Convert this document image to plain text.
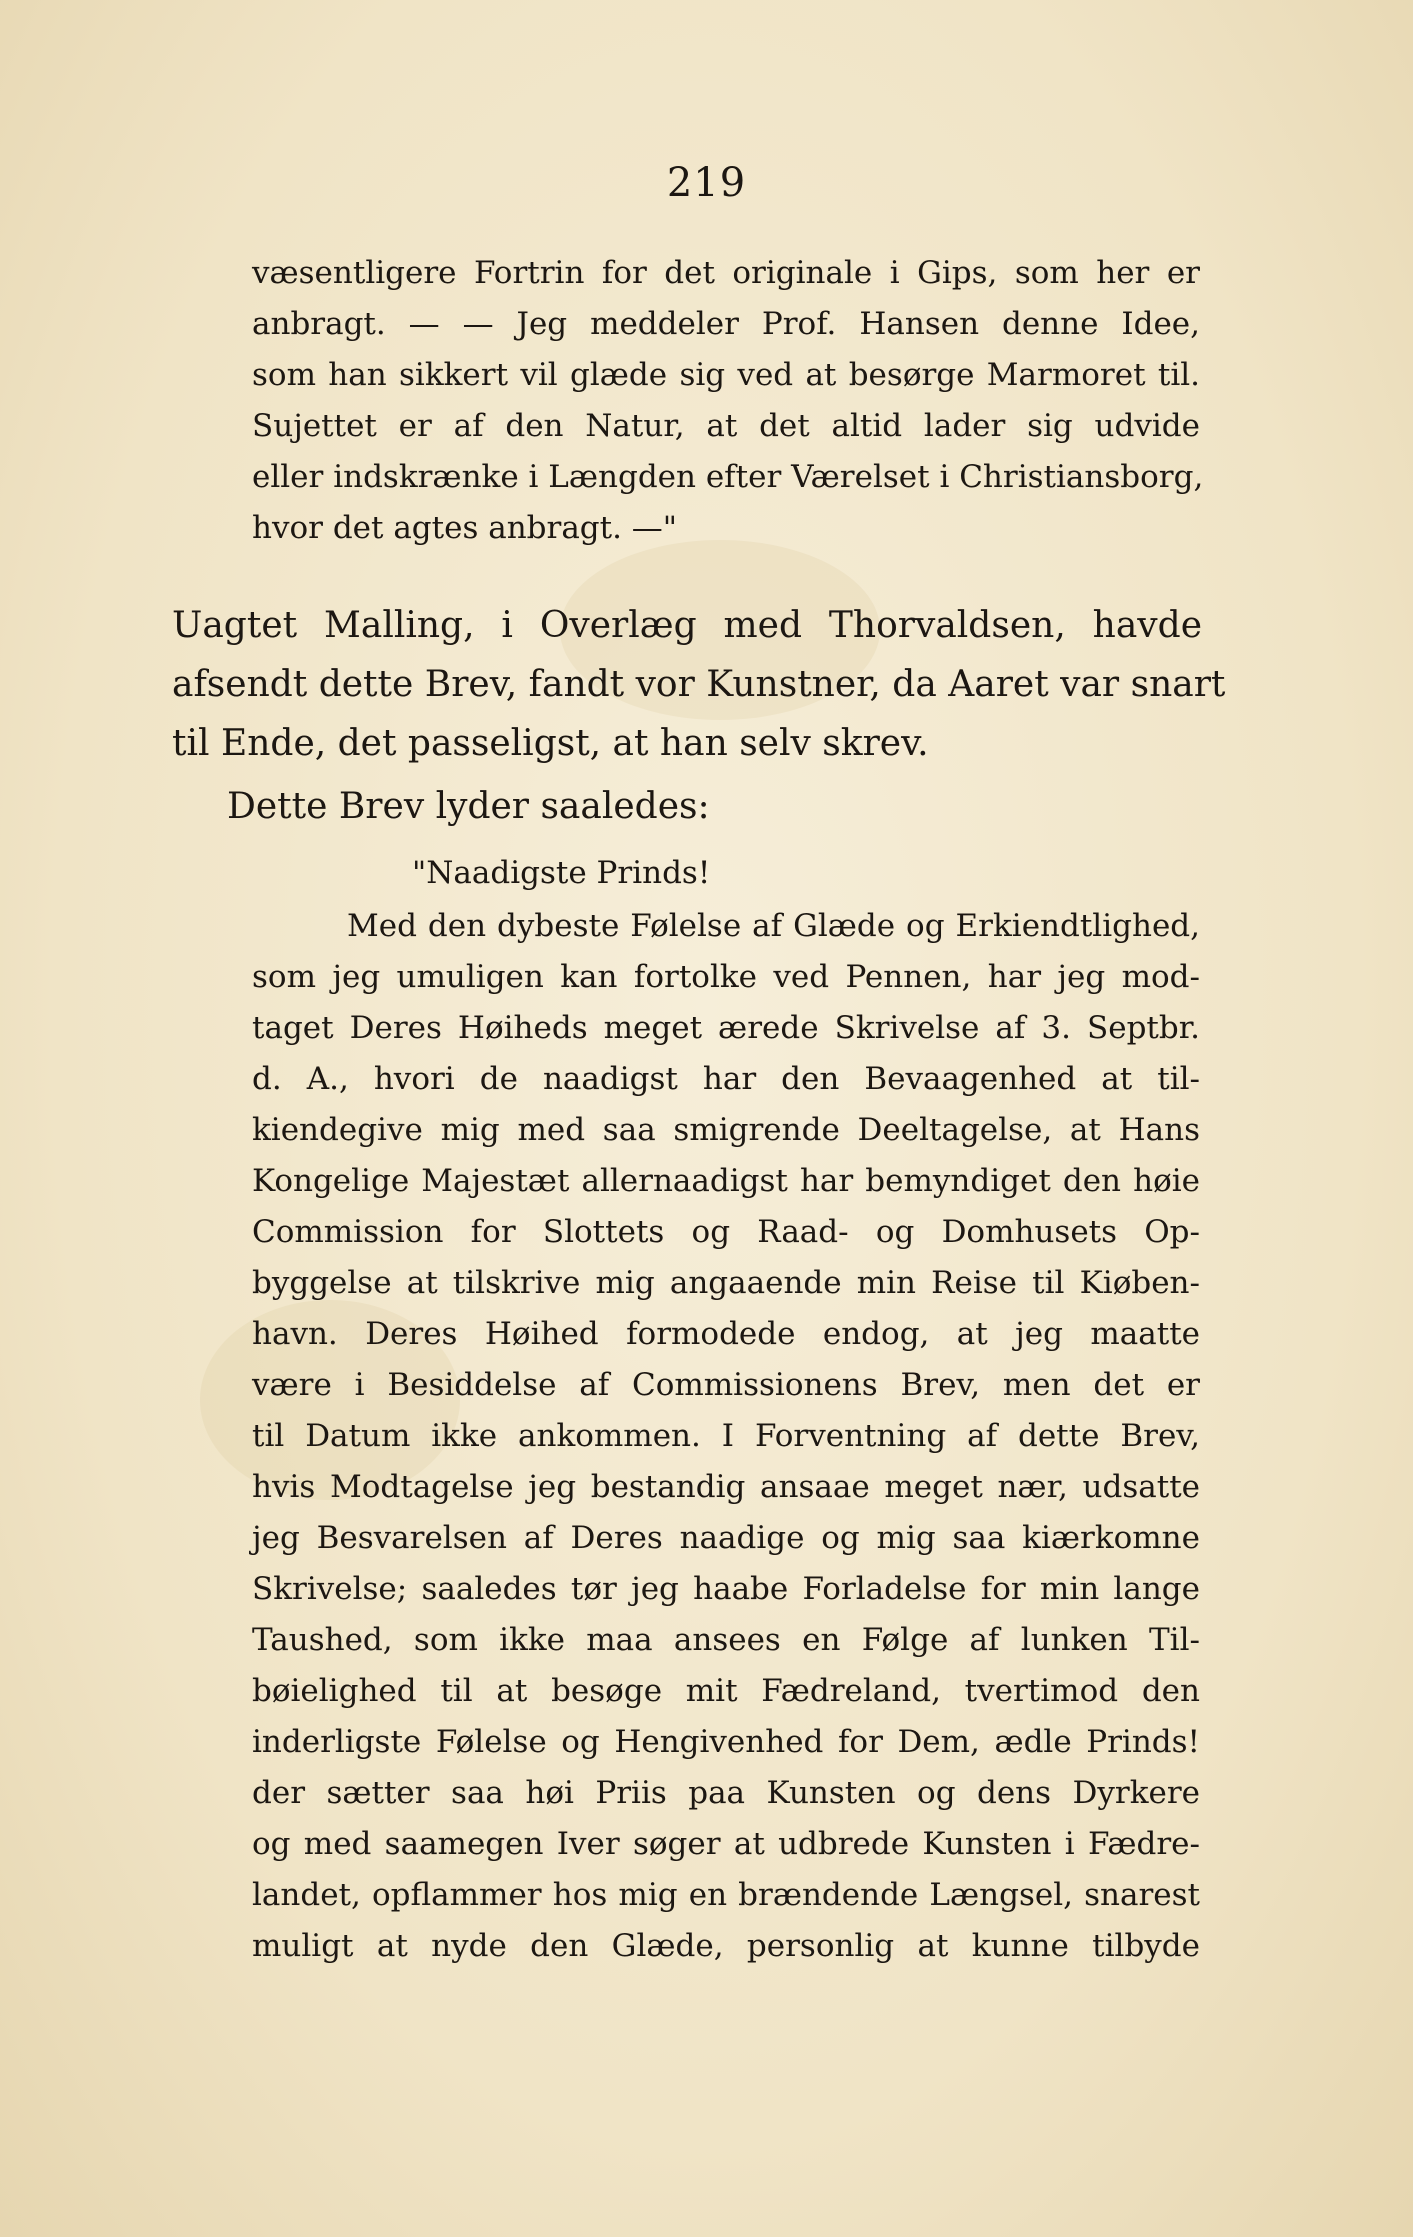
219
væsentligere Fortrin for det originale i Gips, som her er
anbragt. — — Jeg meddeler Prof. Hansen denne Idee,
som han sikkert vil glæde sig ved at besørge Marmoret til.
Sujettet er af den Natur, at det altid lader sig udvide
eller indskrænke i Længden efter Værelset i Christiansborg,
hvor det agtes anbragt. —"
Uagtet Malling, i Overlæg med Thorvaldsen, havde
afsendt dette Brev, fandt vor Kunstner, da Aaret var snart
til Ende, det passeligst, at han selv skrev.
Dette Brev lyder saaledes:
"Naadigste Prinds!
Med den dybeste Følelse af Glæde og Erkiendtlighed,
som jeg umuligen kan fortolke ved Pennen, har jeg mod-
taget Deres Høiheds meget ærede Skrivelse af 3. Septbr.
d. A., hvori de naadigst har den Bevaagenhed at til-
kiendegive mig med saa smigrende Deeltagelse, at Hans
Kongelige Majestæt allernaadigst har bemyndiget den høie
Commission for Slottets og Raad- og Domhusets Op-
byggelse at tilskrive mig angaaende min Reise til Kiøben-
havn. Deres Høihed formodede endog, at jeg maatte
være i Besiddelse af Commissionens Brev, men det er
til Datum ikke ankommen. I Forventning af dette Brev,
hvis Modtagelse jeg bestandig ansaae meget nær, udsatte
jeg Besvarelsen af Deres naadige og mig saa kiærkomne
Skrivelse; saaledes tør jeg haabe Forladelse for min lange
Taushed, som ikke maa ansees en Følge af lunken Til-
bøielighed til at besøge mit Fædreland, tvertimod den
inderligste Følelse og Hengivenhed for Dem, ædle Prinds!
der sætter saa høi Priis paa Kunsten og dens Dyrkere
og med saamegen Iver søger at udbrede Kunsten i Fædre-
landet, opflammer hos mig en brændende Længsel, snarest
muligt at nyde den Glæde, personlig at kunne tilbyde
